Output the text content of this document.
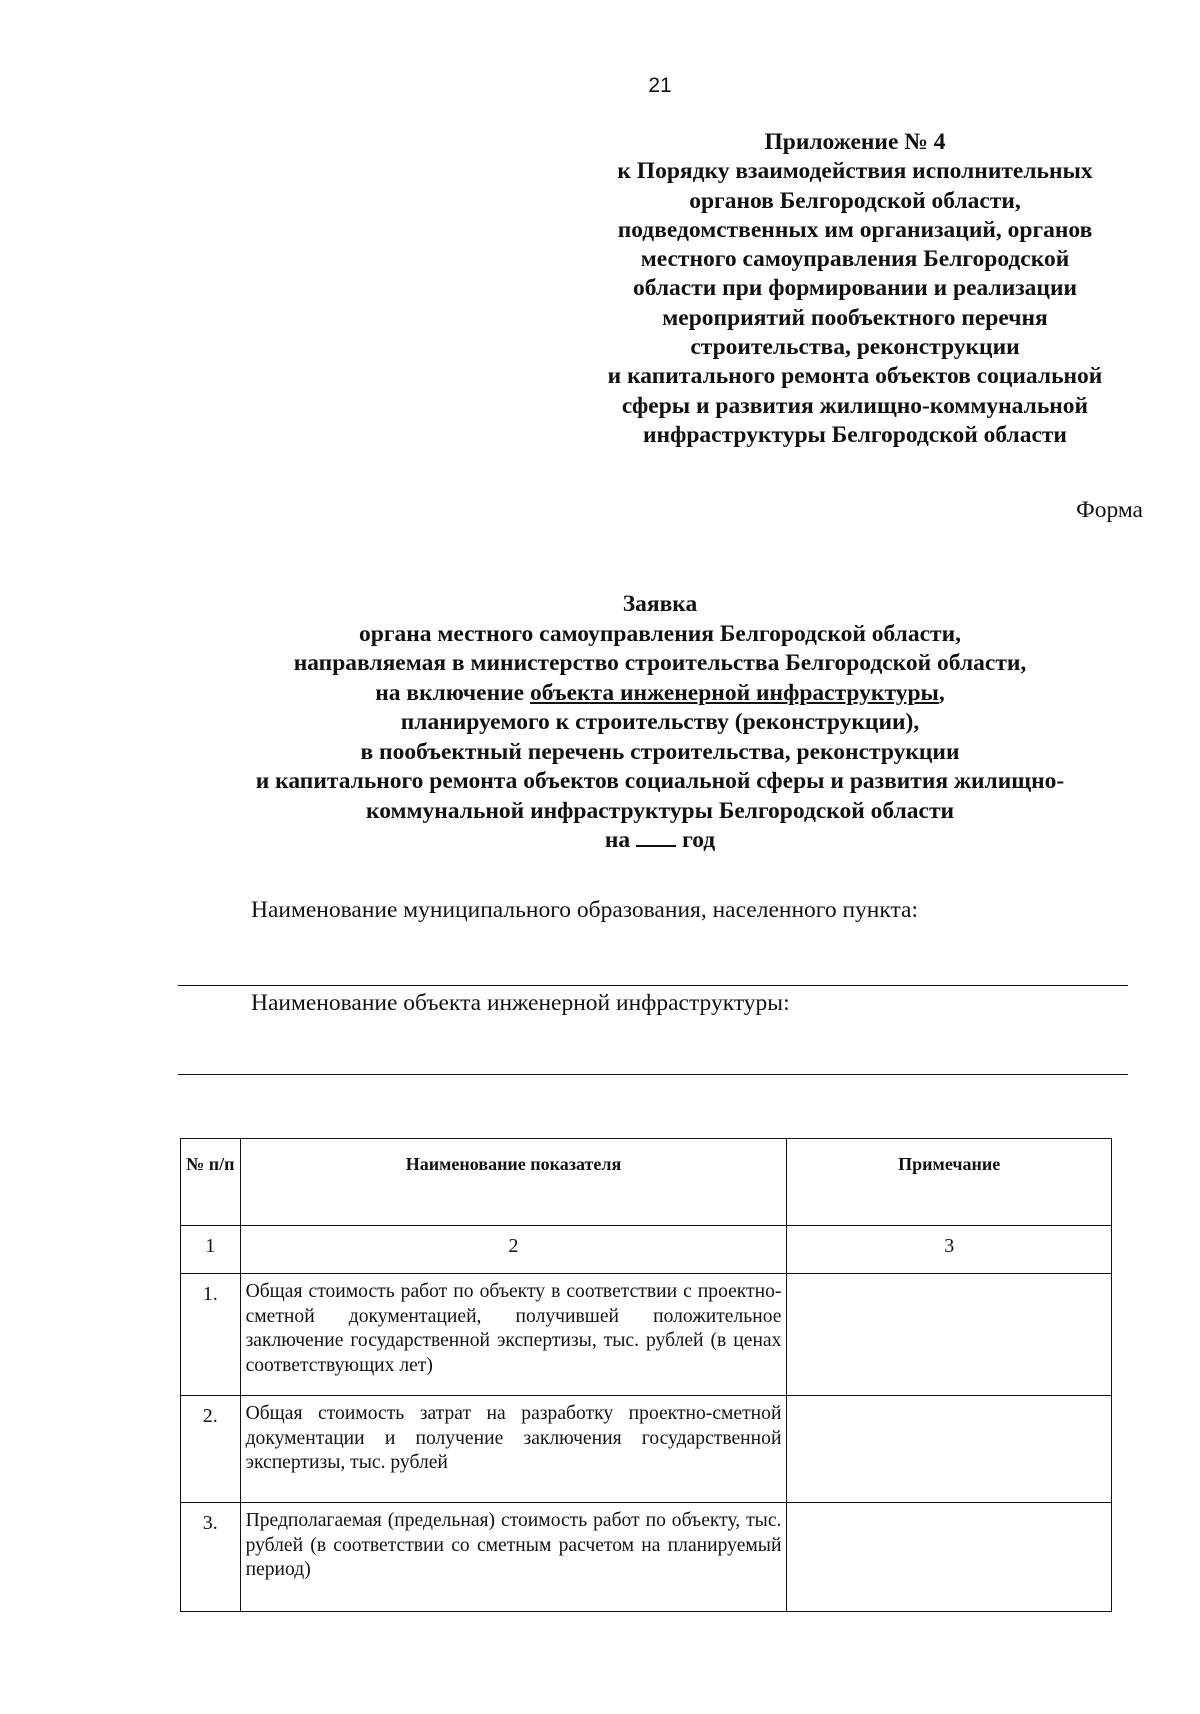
21
Приложение № 4
к Порядку взаимодействия исполнительных
органов Белгородской области,
подведомственных им организаций, органов
местного самоуправления Белгородской
области при формировании и реализации
мероприятий пообъектного перечня
строительства, реконструкции
и капитального ремонта объектов социальной
сферы и развития жилищно-коммунальной
инфраструктуры Белгородской области
Форма
Заявка
органа местного самоуправления Белгородской области,
направляемая в министерство строительства Белгородской области,
на включение объекта инженерной инфраструктуры,
планируемого к строительству (реконструкции),
в пообъектный перечень строительства, реконструкции
и капитального ремонта объектов социальной сферы и развития жилищно-
коммунальной инфраструктуры Белгородской области
на год
Наименование муниципального образования, населенного пункта:
Наименование объекта инженерной инфраструктуры:
№ п/п	Наименование показателя	Примечание
1	2	3
1.	Общая стоимость работ по объекту в соответствии с проектно-сметной документацией, получившей положительное заключение государственной экспертизы, тыс. рублей (в ценах соответствующих лет)	
2.	Общая стоимость затрат на разработку проектно-сметной документации и получение заключения государственной экспертизы, тыс. рублей	
3.	Предполагаемая (предельная) стоимость работ по объекту, тыс. рублей (в соответствии со сметным расчетом на планируемый период)	
